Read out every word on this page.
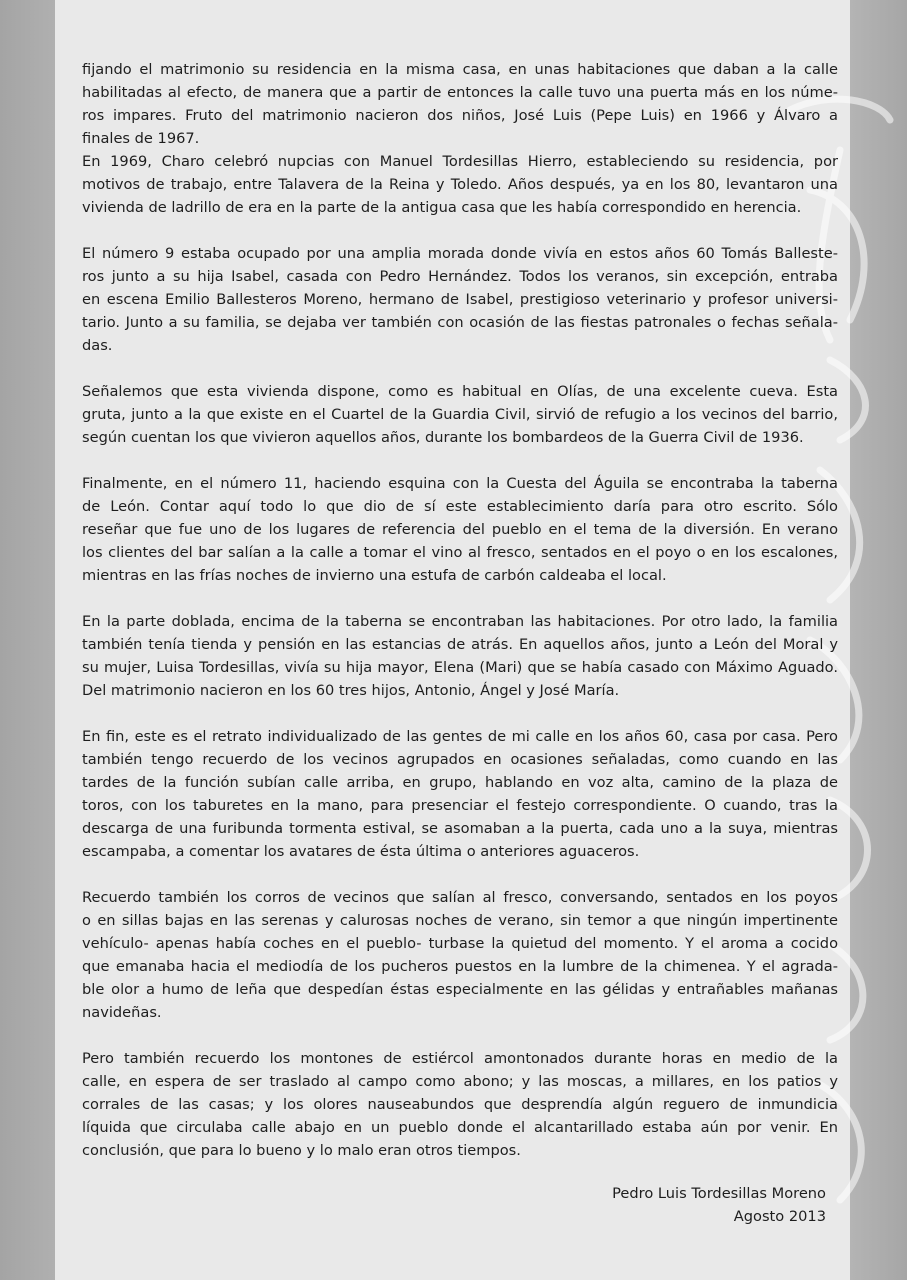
fijando el matrimonio su residencia en la misma casa, en unas habitaciones que daban a la calle
habilitadas al efecto, de manera que a partir de entonces la calle tuvo una puerta más en los núme-
ros impares. Fruto del matrimonio nacieron dos niños, José Luis (Pepe Luis) en 1966 y Álvaro a
finales de 1967.
En 1969, Charo celebró nupcias con Manuel Tordesillas Hierro, estableciendo su residencia, por
motivos de trabajo, entre Talavera de la Reina y Toledo. Años después, ya en los 80, levantaron una
vivienda de ladrillo de era en la parte de la antigua casa que les había correspondido en herencia.
El número 9 estaba ocupado por una amplia morada donde vivía en estos años 60 Tomás Balleste-
ros junto a su hija Isabel, casada con Pedro Hernández. Todos los veranos, sin excepción, entraba
en escena Emilio Ballesteros Moreno, hermano de Isabel, prestigioso veterinario y profesor universi-
tario. Junto a su familia, se dejaba ver también con ocasión de las fiestas patronales o fechas señala-
das.
Señalemos que esta vivienda dispone, como es habitual en Olías, de una excelente cueva. Esta
gruta, junto a la que existe en el Cuartel de la Guardia Civil, sirvió de refugio a los vecinos del barrio,
según cuentan los que vivieron aquellos años, durante los bombardeos de la Guerra Civil de 1936.
Finalmente, en el número 11, haciendo esquina con la Cuesta del Águila se encontraba la taberna
de León. Contar aquí todo lo que dio de sí este establecimiento daría para otro escrito. Sólo
reseñar que fue uno de los lugares de referencia del pueblo en el tema de la diversión. En verano
los clientes del bar salían a la calle a tomar el vino al fresco, sentados en el poyo o en los escalones,
mientras en las frías noches de invierno una estufa de carbón caldeaba el local.
En la parte doblada, encima de la taberna se encontraban las habitaciones. Por otro lado, la familia
también tenía tienda y pensión en las estancias de atrás. En aquellos años, junto a León del Moral y
su mujer, Luisa Tordesillas, vivía su hija mayor, Elena (Mari) que se había casado con Máximo Aguado.
Del matrimonio nacieron en los 60 tres hijos, Antonio, Ángel y José María.
En fin, este es el retrato individualizado de las gentes de mi calle en los años 60, casa por casa. Pero
también tengo recuerdo de los vecinos agrupados en ocasiones señaladas, como cuando en las
tardes de la función subían calle arriba, en grupo, hablando en voz alta, camino de la plaza de
toros, con los taburetes en la mano, para presenciar el festejo correspondiente. O cuando, tras la
descarga de una furibunda tormenta estival, se asomaban a la puerta, cada uno a la suya, mientras
escampaba, a comentar los avatares de ésta última o anteriores aguaceros.
Recuerdo también los corros de vecinos que salían al fresco, conversando, sentados en los poyos
o en sillas bajas en las serenas y calurosas noches de verano, sin temor a que ningún impertinente
vehículo- apenas había coches en el pueblo- turbase la quietud del momento. Y el aroma a cocido
que emanaba hacia el mediodía de los pucheros puestos en la lumbre de la chimenea. Y el agrada-
ble olor a humo de leña que despedían éstas especialmente en las gélidas y entrañables mañanas
navideñas.
Pero también recuerdo los montones de estiércol amontonados durante horas en medio de la
calle, en espera de ser traslado al campo como abono; y las moscas, a millares, en los patios y
corrales de las casas; y los olores nauseabundos que desprendía algún reguero de inmundicia
líquida que circulaba calle abajo en un pueblo donde el alcantarillado estaba aún por venir. En
conclusión, que para lo bueno y lo malo eran otros tiempos.
Pedro Luis Tordesillas Moreno
Agosto 2013
